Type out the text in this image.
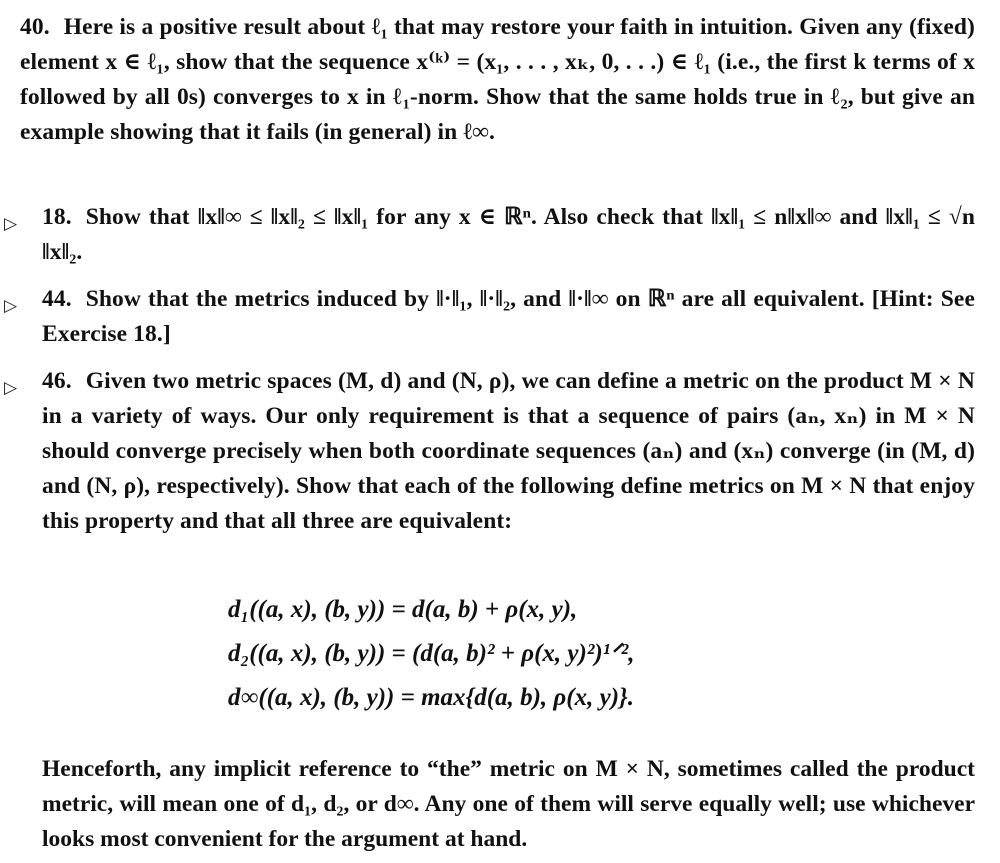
40. Here is a positive result about ℓ₁ that may restore your faith in intuition. Given any (fixed) element x ∈ ℓ₁, show that the sequence x⁽ᵏ⁾ = (x₁, . . . , xₖ, 0, . . .) ∈ ℓ₁ (i.e., the first k terms of x followed by all 0s) converges to x in ℓ₁-norm. Show that the same holds true in ℓ₂, but give an example showing that it fails (in general) in ℓ∞.
▷ 18. Show that ‖x‖∞ ≤ ‖x‖₂ ≤ ‖x‖₁ for any x ∈ ℝⁿ. Also check that ‖x‖₁ ≤ n‖x‖∞ and ‖x‖₁ ≤ √n ‖x‖₂.
▷ 44. Show that the metrics induced by ‖·‖₁, ‖·‖₂, and ‖·‖∞ on ℝⁿ are all equivalent. [Hint: See Exercise 18.]
▷ 46. Given two metric spaces (M, d) and (N, ρ), we can define a metric on the product M × N in a variety of ways. Our only requirement is that a sequence of pairs (aₙ, xₙ) in M × N should converge precisely when both coordinate sequences (aₙ) and (xₙ) converge (in (M, d) and (N, ρ), respectively). Show that each of the following define metrics on M × N that enjoy this property and that all three are equivalent:
d₁((a, x), (b, y)) = d(a, b) + ρ(x, y),
d₂((a, x), (b, y)) = (d(a, b)² + ρ(x, y)²)¹ᐟ²,
d∞((a, x), (b, y)) = max{d(a, b), ρ(x, y)}.
Henceforth, any implicit reference to “the” metric on M × N, sometimes called the product metric, will mean one of d₁, d₂, or d∞. Any one of them will serve equally well; use whichever looks most convenient for the argument at hand.
